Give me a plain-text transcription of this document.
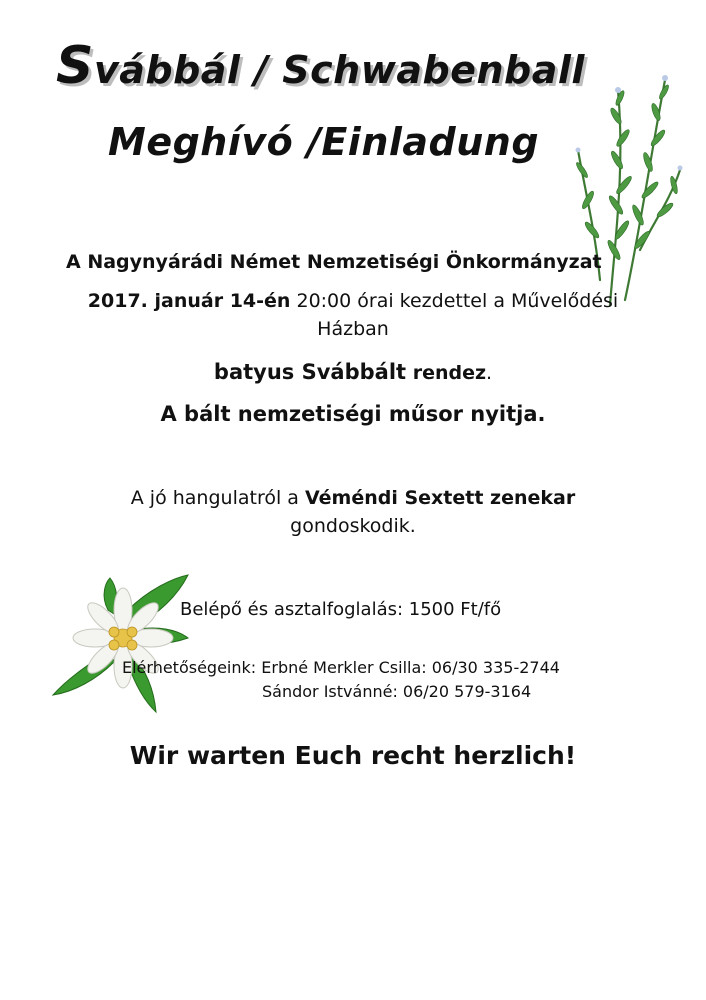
Svábbál / Schwabenball
Meghívó /Einladung
A Nagynyárádi Német Nemzetiségi Önkormányzat
2017. január 14-én 20:00 órai kezdettel a Művelődési
Házban
batyus Svábbált rendez.
A bált nemzetiségi műsor nyitja.
A jó hangulatról a Véméndi Sextett zenekar
gondoskodik.
Belépő és asztalfoglalás: 1500 Ft/fő
Elérhetőségeink: Erbné Merkler Csilla: 06/30 335-2744
Sándor Istvánné: 06/20 579-3164
Wir warten Euch recht herzlich!
